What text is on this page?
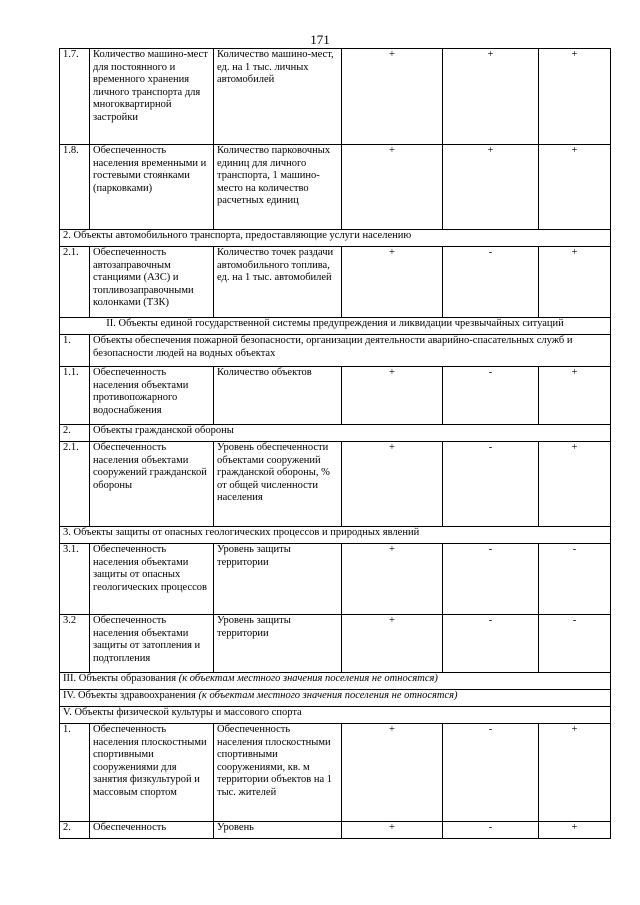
171
1.7.	Количество машино-мест для постоянного и временного хранения личного транспорта для многоквартирной застройки	Количество машино-мест, ед. на 1 тыс. личных автомобилей	+	+	+
1.8.	Обеспеченность населения временными и гостевыми стоянками (парковками)	Количество парковочных единиц для личного транспорта, 1 машино-место на количество расчетных единиц	+	+	+
2. Объекты автомобильного транспорта, предоставляющие услуги населению					
2.1.	Обеспеченность автозаправочным станциями (АЗС) и топливозаправочными колонками (ТЗК)	Количество точек раздачи автомобильного топлива, ед. на 1 тыс. автомобилей	+	-	+
II. Объекты единой государственной системы предупреждения и ликвидации чрезвычайных ситуаций					
1.	Объекты обеспечения пожарной безопасности, организации деятельности аварийно-спасательных служб и безопасности людей на водных объектах				
1.1.	Обеспеченность населения объектами противопожарного водоснабжения	Количество объектов	+	-	+
2.	Объекты гражданской обороны				
2.1.	Обеспеченность населения объектами сооружений гражданской обороны	Уровень обеспеченности объектами сооружений гражданской обороны, % от общей численности населения	+	-	+
3. Объекты защиты от опасных геологических процессов и природных явлений					
3.1.	Обеспеченность населения объектами защиты от опасных геологических процессов	Уровень защиты территории	+	-	-
3.2	Обеспеченность населения объектами защиты от затопления и подтопления	Уровень защиты территории	+	-	-
III. Объекты образования (к объектам местного значения поселения не относятся)					
IV. Объекты здравоохранения (к объектам местного значения поселения не относятся)					
V. Объекты физической культуры и массового спорта					
1.	Обеспеченность населения плоскостными спортивными сооружениями для занятия физкультурой и массовым спортом	Обеспеченность населения плоскостными спортивными сооружениями, кв. м территории объектов на 1 тыс. жителей	+	-	+
2.	Обеспеченность	Уровень	+	-	+
